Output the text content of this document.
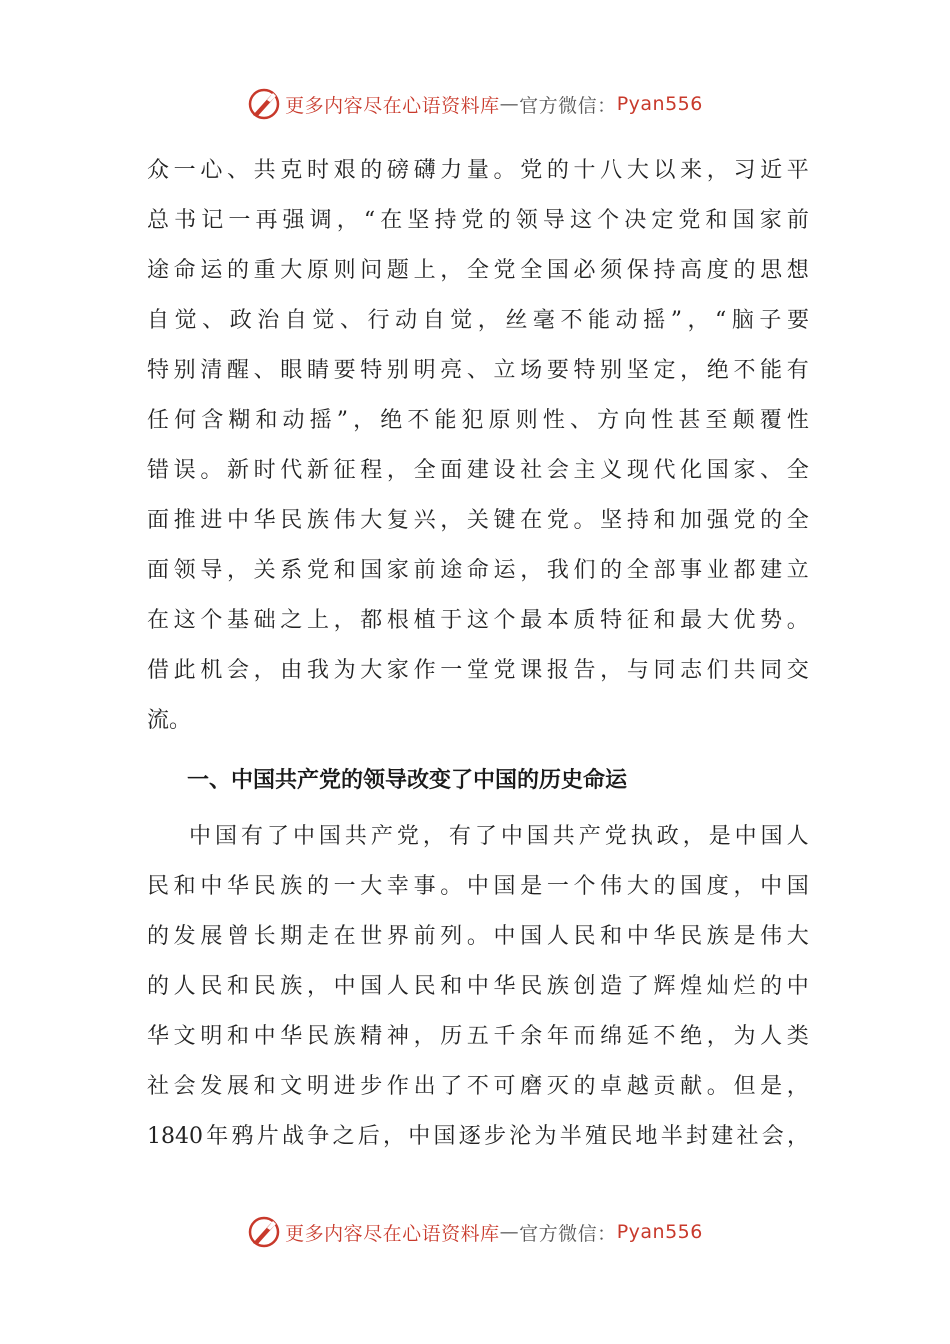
更多内容尽在心语资料库 — 官方微信： Pyan556
众 一 心 、 共 克 时 艰 的 磅 礴 力 量 。 党 的 十 八 大 以 来 ， 习 近 平
总 书 记 一 再 强 调 ， “ 在 坚 持 党 的 领 导 这 个 决 定 党 和 国 家 前
途 命 运 的 重 大 原 则 问 题 上 ， 全 党 全 国 必 须 保 持 高 度 的 思 想
自 觉 、 政 治 自 觉 、 行 动 自 觉 ， 丝 毫 不 能 动 摇 ” ， “ 脑 子 要
特 别 清 醒 、 眼 睛 要 特 别 明 亮 、 立 场 要 特 别 坚 定 ， 绝 不 能 有
任 何 含 糊 和 动 摇 ” ， 绝 不 能 犯 原 则 性 、 方 向 性 甚 至 颠 覆 性
错 误 。 新 时 代 新 征 程 ， 全 面 建 设 社 会 主 义 现 代 化 国 家 、 全
面 推 进 中 华 民 族 伟 大 复 兴 ， 关 键 在 党 。 坚 持 和 加 强 党 的 全
面 领 导 ， 关 系 党 和 国 家 前 途 命 运 ， 我 们 的 全 部 事 业 都 建 立
在 这 个 基 础 之 上 ， 都 根 植 于 这 个 最 本 质 特 征 和 最 大 优 势 。
借 此 机 会 ， 由 我 为 大 家 作 一 堂 党 课 报 告 ， 与 同 志 们 共 同 交
流。
一、中国共产党的领导改变了中国的历史命运
中 国 有 了 中 国 共 产 党 ， 有 了 中 国 共 产 党 执 政 ， 是 中 国 人
民 和 中 华 民 族 的 一 大 幸 事 。 中 国 是 一 个 伟 大 的 国 度 ， 中 国
的 发 展 曾 长 期 走 在 世 界 前 列 。 中 国 人 民 和 中 华 民 族 是 伟 大
的 人 民 和 民 族 ， 中 国 人 民 和 中 华 民 族 创 造 了 辉 煌 灿 烂 的 中
华 文 明 和 中 华 民 族 精 神 ， 历 五 千 余 年 而 绵 延 不 绝 ， 为 人 类
社 会 发 展 和 文 明 进 步 作 出 了 不 可 磨 灭 的 卓 越 贡 献 。 但 是 ，
1840 年 鸦 片 战 争 之 后 ， 中 国 逐 步 沦 为 半 殖 民 地 半 封 建 社 会 ，
更多内容尽在心语资料库 — 官方微信： Pyan556
